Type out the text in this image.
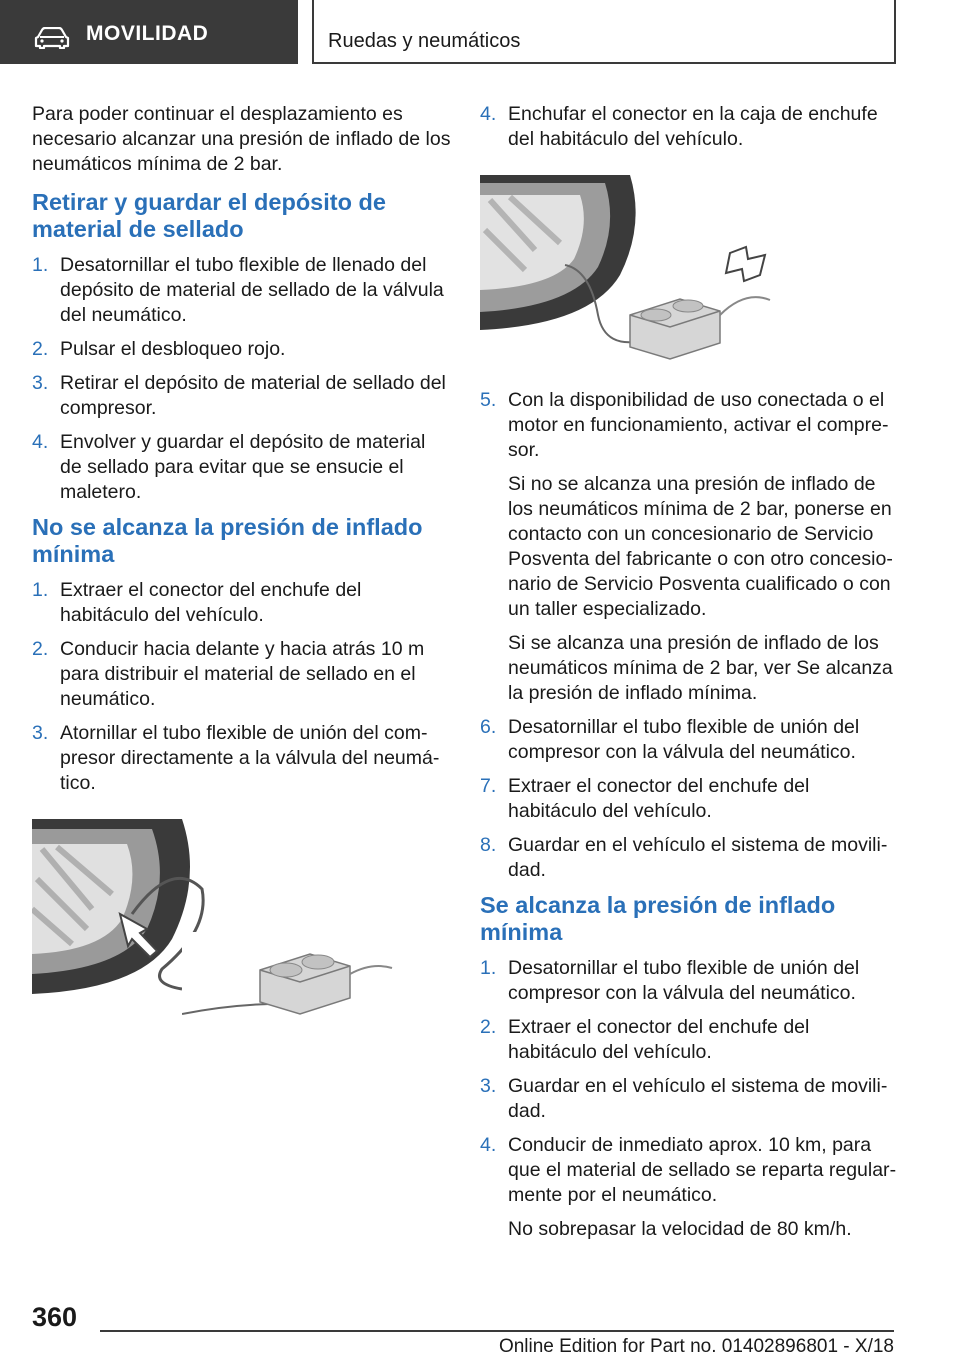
MOVILIDAD	Ruedas y neumáticos

Para poder continuar el desplazamiento es necesario alcanzar una presión de inflado de los neumáticos mínima de 2 bar.

Retirar y guardar el depósito de material de sellado
1. Desatornillar el tubo flexible de llenado del depósito de material de sellado de la válvula del neumático.
2. Pulsar el desbloqueo rojo.
3. Retirar el depósito de material de sellado del compresor.
4. Envolver y guardar el depósito de material de sellado para evitar que se ensucie el maletero.
No se alcanza la presión de inflado mínima
1. Extraer el conector del enchufe del habitáculo del vehículo.
2. Conducir hacia delante y hacia atrás 10 m para distribuir el material de sellado en el neumático.
3. Atornillar el tubo flexible de unión del compresor directamente a la válvula del neumático.
4. Enchufar el conector en la caja de enchufe del habitáculo del vehículo.
5. Con la disponibilidad de uso conectada o el motor en funcionamiento, activar el compresor.

Si no se alcanza una presión de inflado de los neumáticos mínima de 2 bar, ponerse en contacto con un concesionario de Servicio Posventa del fabricante o con otro concesionario de Servicio Posventa cualificado o con un taller especializado.

Si se alcanza una presión de inflado de los neumáticos mínima de 2 bar, ver Se alcanza la presión de inflado mínima.

6. Desatornillar el tubo flexible de unión del compresor con la válvula del neumático.
7. Extraer el conector del enchufe del habitáculo del vehículo.
8. Guardar en el vehículo el sistema de movilidad.
Se alcanza la presión de inflado mínima
1. Desatornillar el tubo flexible de unión del compresor con la válvula del neumático.
2. Extraer el conector del enchufe del habitáculo del vehículo.
3. Guardar en el vehículo el sistema de movilidad.
4. Conducir de inmediato aprox. 10 km, para que el material de sellado se reparta regularmente por el neumático.

No sobrepasar la velocidad de 80 km/h.

360
Online Edition for Part no. 01402896801 - X/18
